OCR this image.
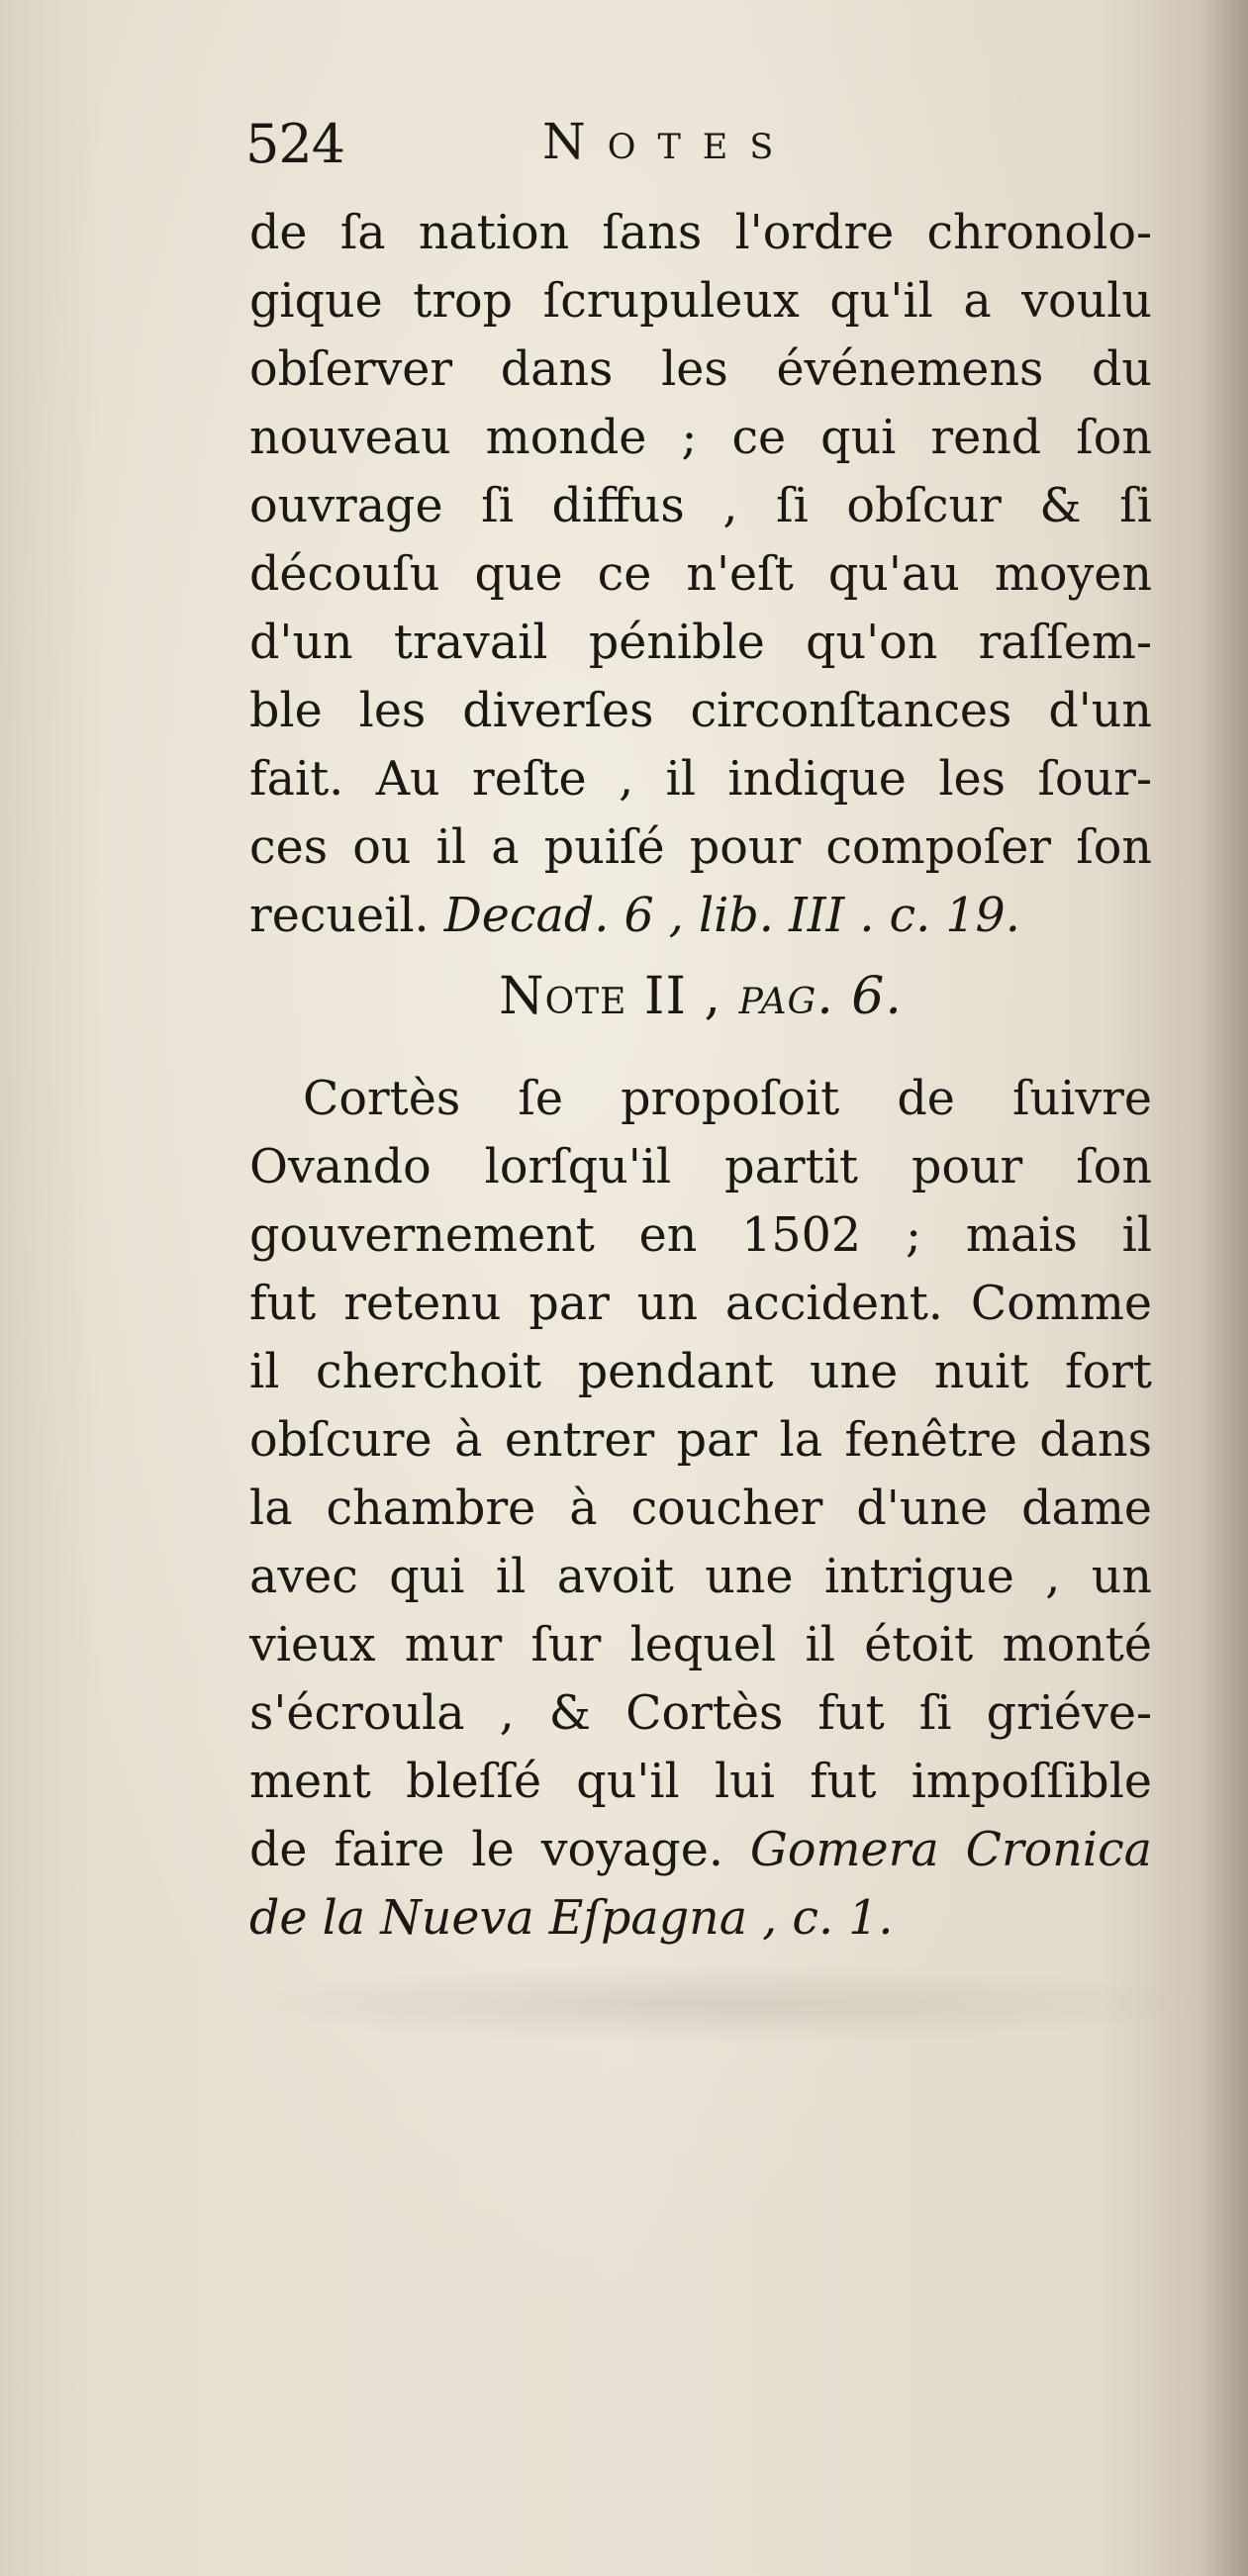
524	Notes
de ſa nation ſans l'ordre chronolo-
gique trop ſcrupuleux qu'il a voulu
obſerver dans les événemens du
nouveau monde ; ce qui rend ſon
ouvrage ſi diffus , ſi obſcur & ſi
découſu que ce n'eſt qu'au moyen
d'un travail pénible qu'on raſſem-
ble les diverſes circonſtances d'un
fait. Au reſte , il indique les ſour-
ces ou il a puiſé pour compoſer ſon
recueil. Decad. 6 , lib. III . c. 19.
Note II , pag. 6.
Cortès ſe propoſoit de ſuivre
Ovando lorſqu'il partit pour ſon
gouvernement en 1502 ; mais il
fut retenu par un accident. Comme
il cherchoit pendant une nuit fort
obſcure à entrer par la fenêtre dans
la chambre à coucher d'une dame
avec qui il avoit une intrigue , un
vieux mur ſur lequel il étoit monté
s'écroula , & Cortès fut ſi griéve-
ment bleſſé qu'il lui fut impoſſible
de faire le voyage. Gomera Cronica
de la Nueva Eſpagna , c. 1.
